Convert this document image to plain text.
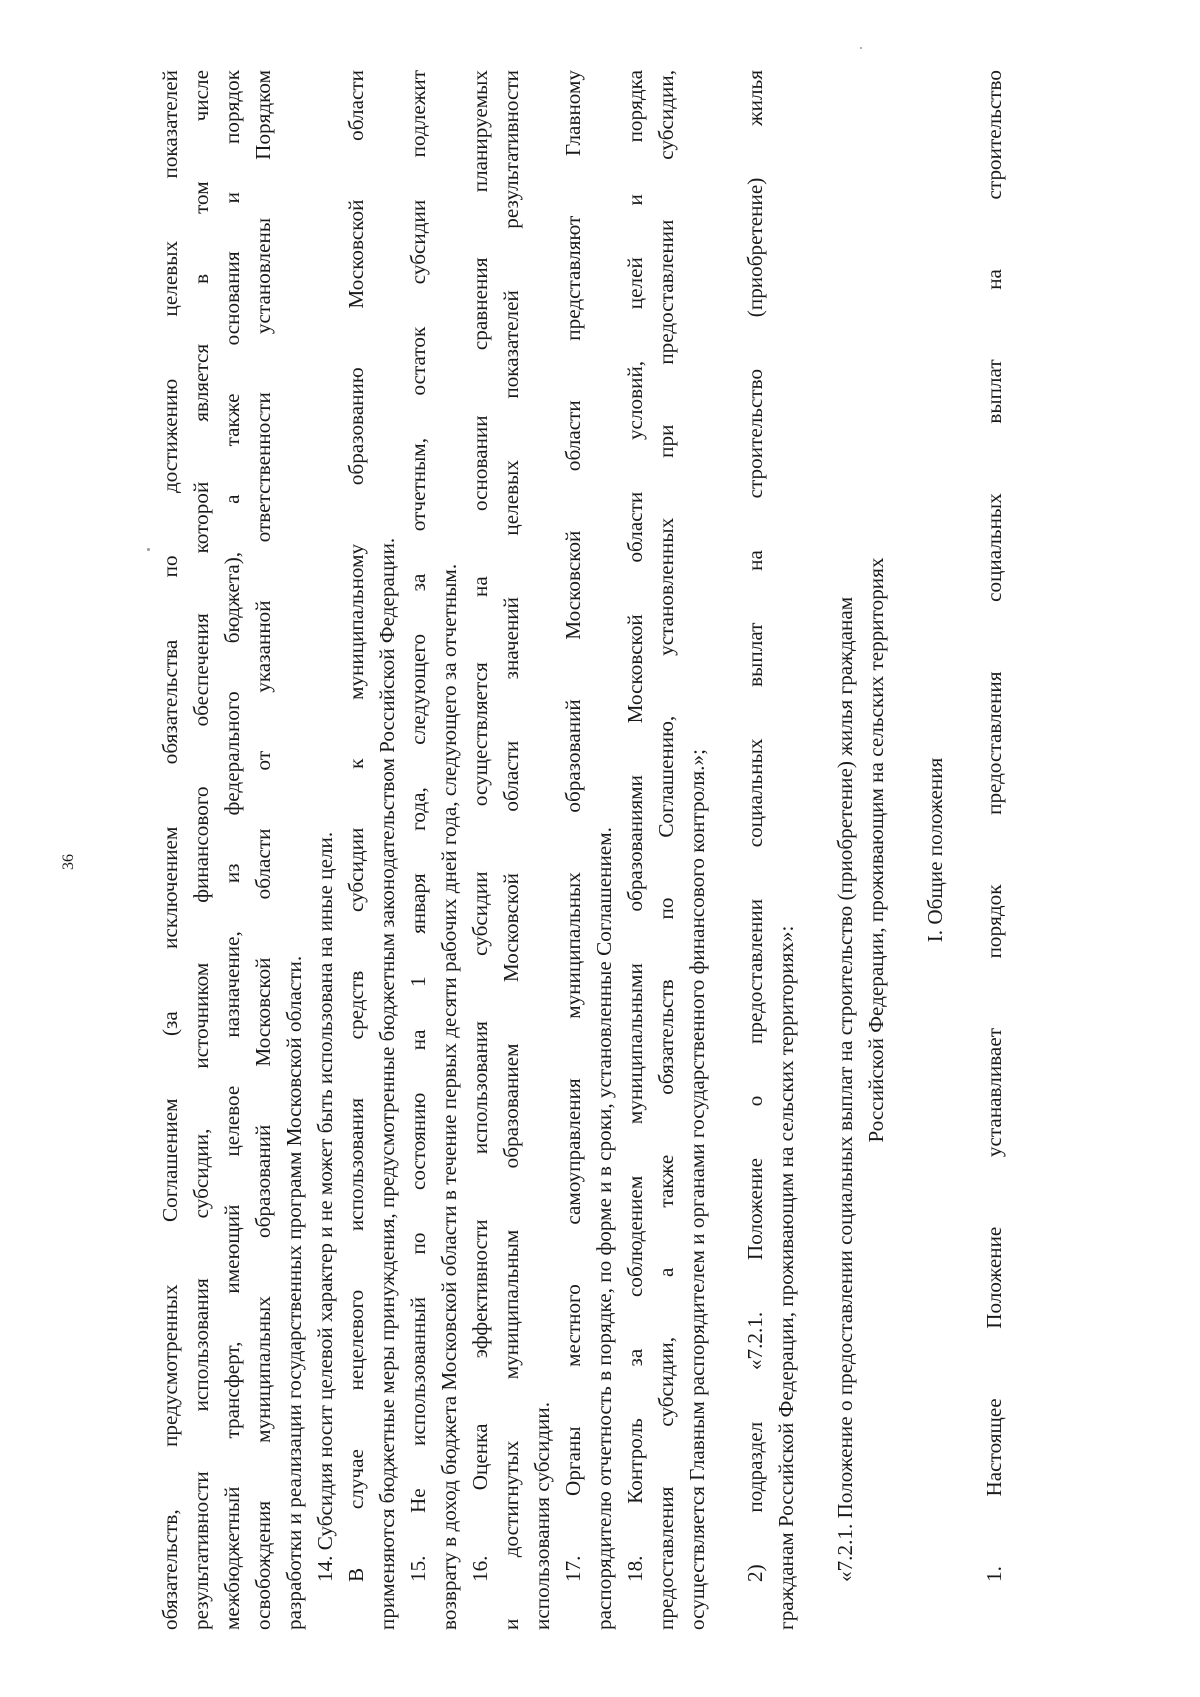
36	обязательств, предусмотренных Соглашением (за исключением обязательства по достижению целевых показателей результативности использования субсидии, источником финансового обеспечения которой является в том числе межбюджетный трансферт, имеющий целевое назначение, из федерального бюджета), а также основания и порядок освобождения муниципальных образований Московской области от указанной ответственности установлены Порядком разработки и реализации государственных программ Московской области. 14. Субсидия носит целевой характер и не может быть использована на иные цели. В случае нецелевого использования средств субсидии к муниципальному образованию Московской области применяются бюджетные меры принуждения, предусмотренные бюджетным законодательством Российской Федерации. 15. Не использованный по состоянию на 1 января года, следующего за отчетным, остаток субсидии подлежит возврату в доход бюджета Московской области в течение первых десяти рабочих дней года, следующего за отчетным. 16. Оценка эффективности использования субсидии осуществляется на основании сравнения планируемых и достигнутых муниципальным образованием Московской области значений целевых показателей результативности использования субсидии. 17. Органы местного самоуправления муниципальных образований Московской области представляют Главному распорядителю отчетность в порядке, по форме и в сроки, установленные Соглашением. 18. Контроль за соблюдением муниципальными образованиями Московской области условий, целей и порядка предоставления субсидии, а также обязательств по Соглашению, установленных при предоставлении субсидии, осуществляется Главным распорядителем и органами государственного финансового контроля.»; 2) подраздел «7.2.1. Положение о предоставлении социальных выплат на строительство (приобретение) жилья гражданам Российской Федерации, проживающим на сельских территориях»: «7.2.1. Положение о предоставлении социальных выплат на строительство (приобретение) жилья гражданам Российской Федерации, проживающим на сельских территориях I. Общие положения 1. Настоящее Положение устанавливает порядок предоставления социальных выплат на строительство
